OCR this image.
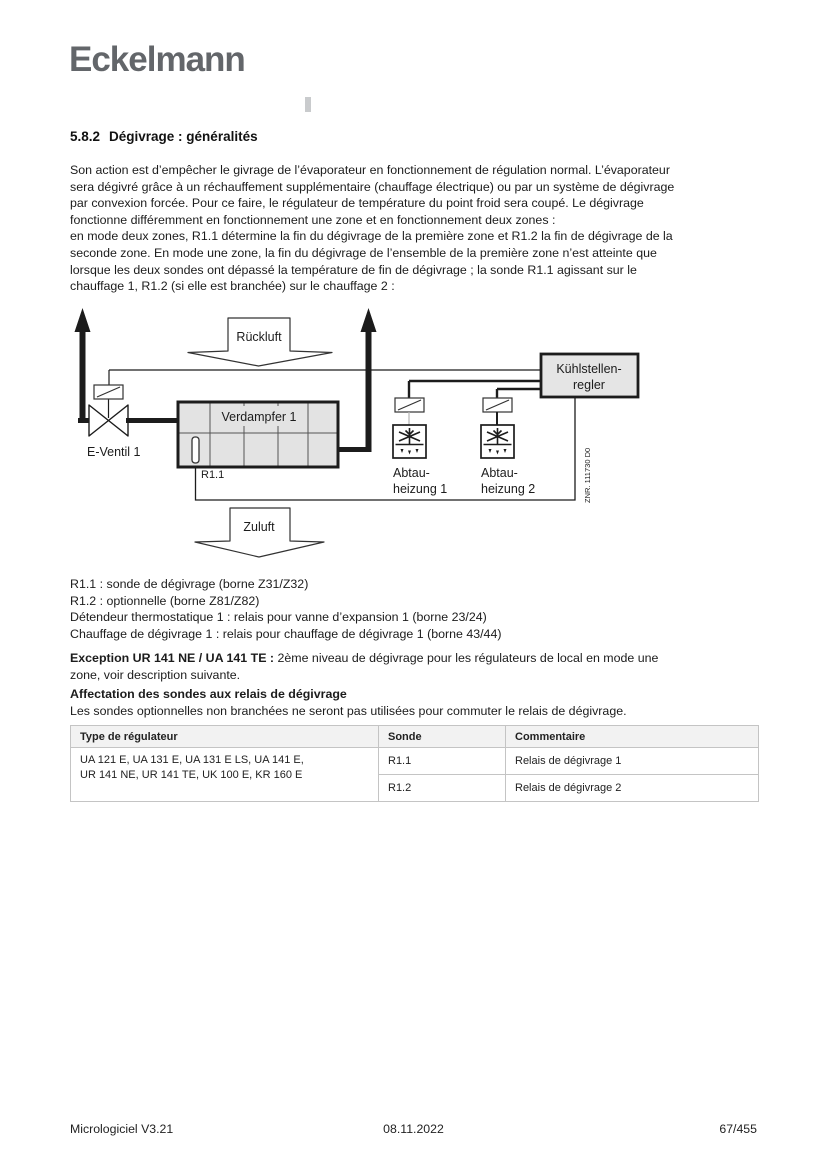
Eckelmann
5.8.2 Dégivrage : généralités
Son action est d’empêcher le givrage de l’évaporateur en fonctionnement de régulation normal. L’évaporateur
sera dégivré grâce à un réchauffement supplémentaire (chauffage électrique) ou par un système de dégivrage
par convexion forcée. Pour ce faire, le régulateur de température du point froid sera coupé. Le dégivrage
fonctionne différemment en fonctionnement une zone et en fonctionnement deux zones :
en mode deux zones, R1.1 détermine la fin du dégivrage de la première zone et R1.2 la fin de dégivrage de la
seconde zone. En mode une zone, la fin du dégivrage de l’ensemble de la première zone n’est atteinte que
lorsque les deux sondes ont dépassé la température de fin de dégivrage ; la sonde R1.1 agissant sur le
chauffage 1, R1.2 (si elle est branchée) sur le chauffage 2 :
Rückluft
Zuluft
E-Ventil 1
Verdampfer 1
R1.1	Abtau-
heizung 1
Abtau-
heizung 2
Kühlstellen-
regler
ZNR. 111730 D0
R1.1 : sonde de dégivrage (borne Z31/Z32)
R1.2 : optionnelle (borne Z81/Z82)
Détendeur thermostatique 1 : relais pour vanne d’expansion 1 (borne 23/24)
Chauffage de dégivrage 1 : relais pour chauffage de dégivrage 1 (borne 43/44)
Exception UR 141 NE / UA 141 TE : 2ème niveau de dégivrage pour les régulateurs de local en mode une
zone, voir description suivante.
Affectation des sondes aux relais de dégivrage
Les sondes optionnelles non branchées ne seront pas utilisées pour commuter le relais de dégivrage.
Type de régulateur	Sonde	Commentaire

UA 121 E, UA 131 E, UA 131 E LS, UA 141 E,
UR 141 NE, UR 141 TE, UK 100 E, KR 160 E	R1.1	Relais de dégivrage 1
	R1.2	Relais de dégivrage 2
Micrologiciel V3.21	08.11.2022	67/455
